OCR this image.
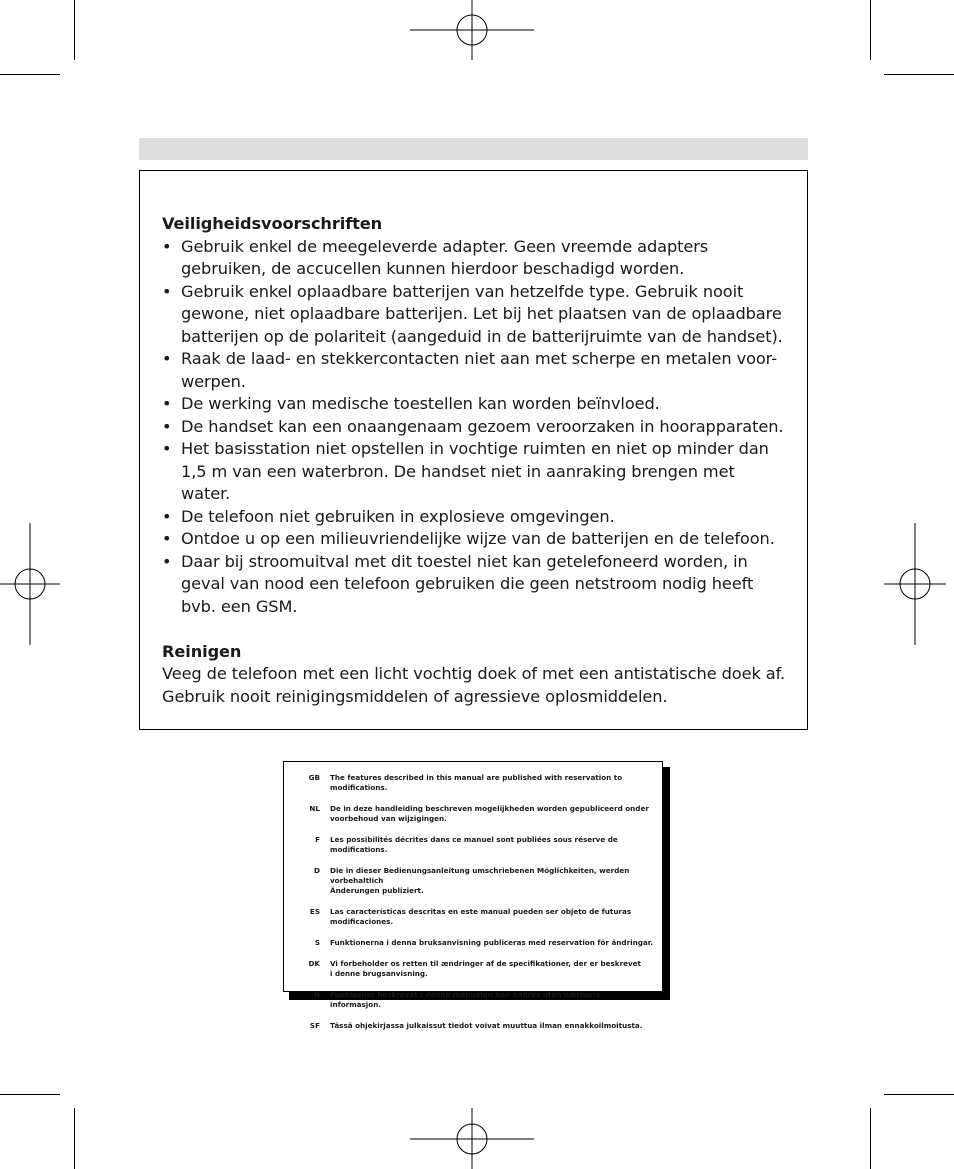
Veiligheidsvoorschriften
• Gebruik enkel de meegeleverde adapter. Geen vreemde adapters gebruiken, de accucellen kunnen hierdoor beschadigd worden.
• Gebruik enkel oplaadbare batterijen van hetzelfde type. Gebruik nooit gewone, niet oplaadbare batterijen. Let bij het plaatsen van de oplaadbare batterijen op de polariteit (aangeduid in de batterijruimte van de handset).
• Raak de laad- en stekkercontacten niet aan met scherpe en metalen voor-werpen.
• De werking van medische toestellen kan worden beïnvloed.
• De handset kan een onaangenaam gezoem veroorzaken in hoorapparaten.
• Het basisstation niet opstellen in vochtige ruimten en niet op minder dan 1,5 m van een waterbron. De handset niet in aanraking brengen met water.
• De telefoon niet gebruiken in explosieve omgevingen.
• Ontdoe u op een milieuvriendelijke wijze van de batterijen en de telefoon.
• Daar bij stroomuitval met dit toestel niet kan getelefoneerd worden, in geval van nood een telefoon gebruiken die geen netstroom nodig heeft bvb. een GSM.
Reinigen

Veeg de telefoon met een licht vochtig doek of met een antistatische doek af. Gebruik nooit reinigingsmiddelen of agressieve oplosmiddelen.

GB	The features described in this manual are published with reservation to modifications.
NL	De in deze handleiding beschreven mogelijkheden worden gepubliceerd onder
voorbehoud van wijzigingen.
F	Les possibilités décrites dans ce manuel sont publiées sous réserve de modifications.
D	Die in dieser Bedienungsanleitung umschriebenen Möglichkeiten, werden vorbehaltlich
Änderungen publiziert.
ES	Las características descritas en este manual pueden ser objeto de futuras modificaciones.
S	Funktionerna i denna bruksanvisning publiceras med reservation för ändringar.
DK	Vi forbeholder os retten til ændringer af de specifikationer, der er beskrevet
i denne brugsanvisning.
N	Funksjoner beskrevet i denne manualen kan endres uten nærmere informasjon.
SF	Tässä ohjekirjassa julkaissut tiedot voivat muuttua ilman ennakkoilmoitusta.
